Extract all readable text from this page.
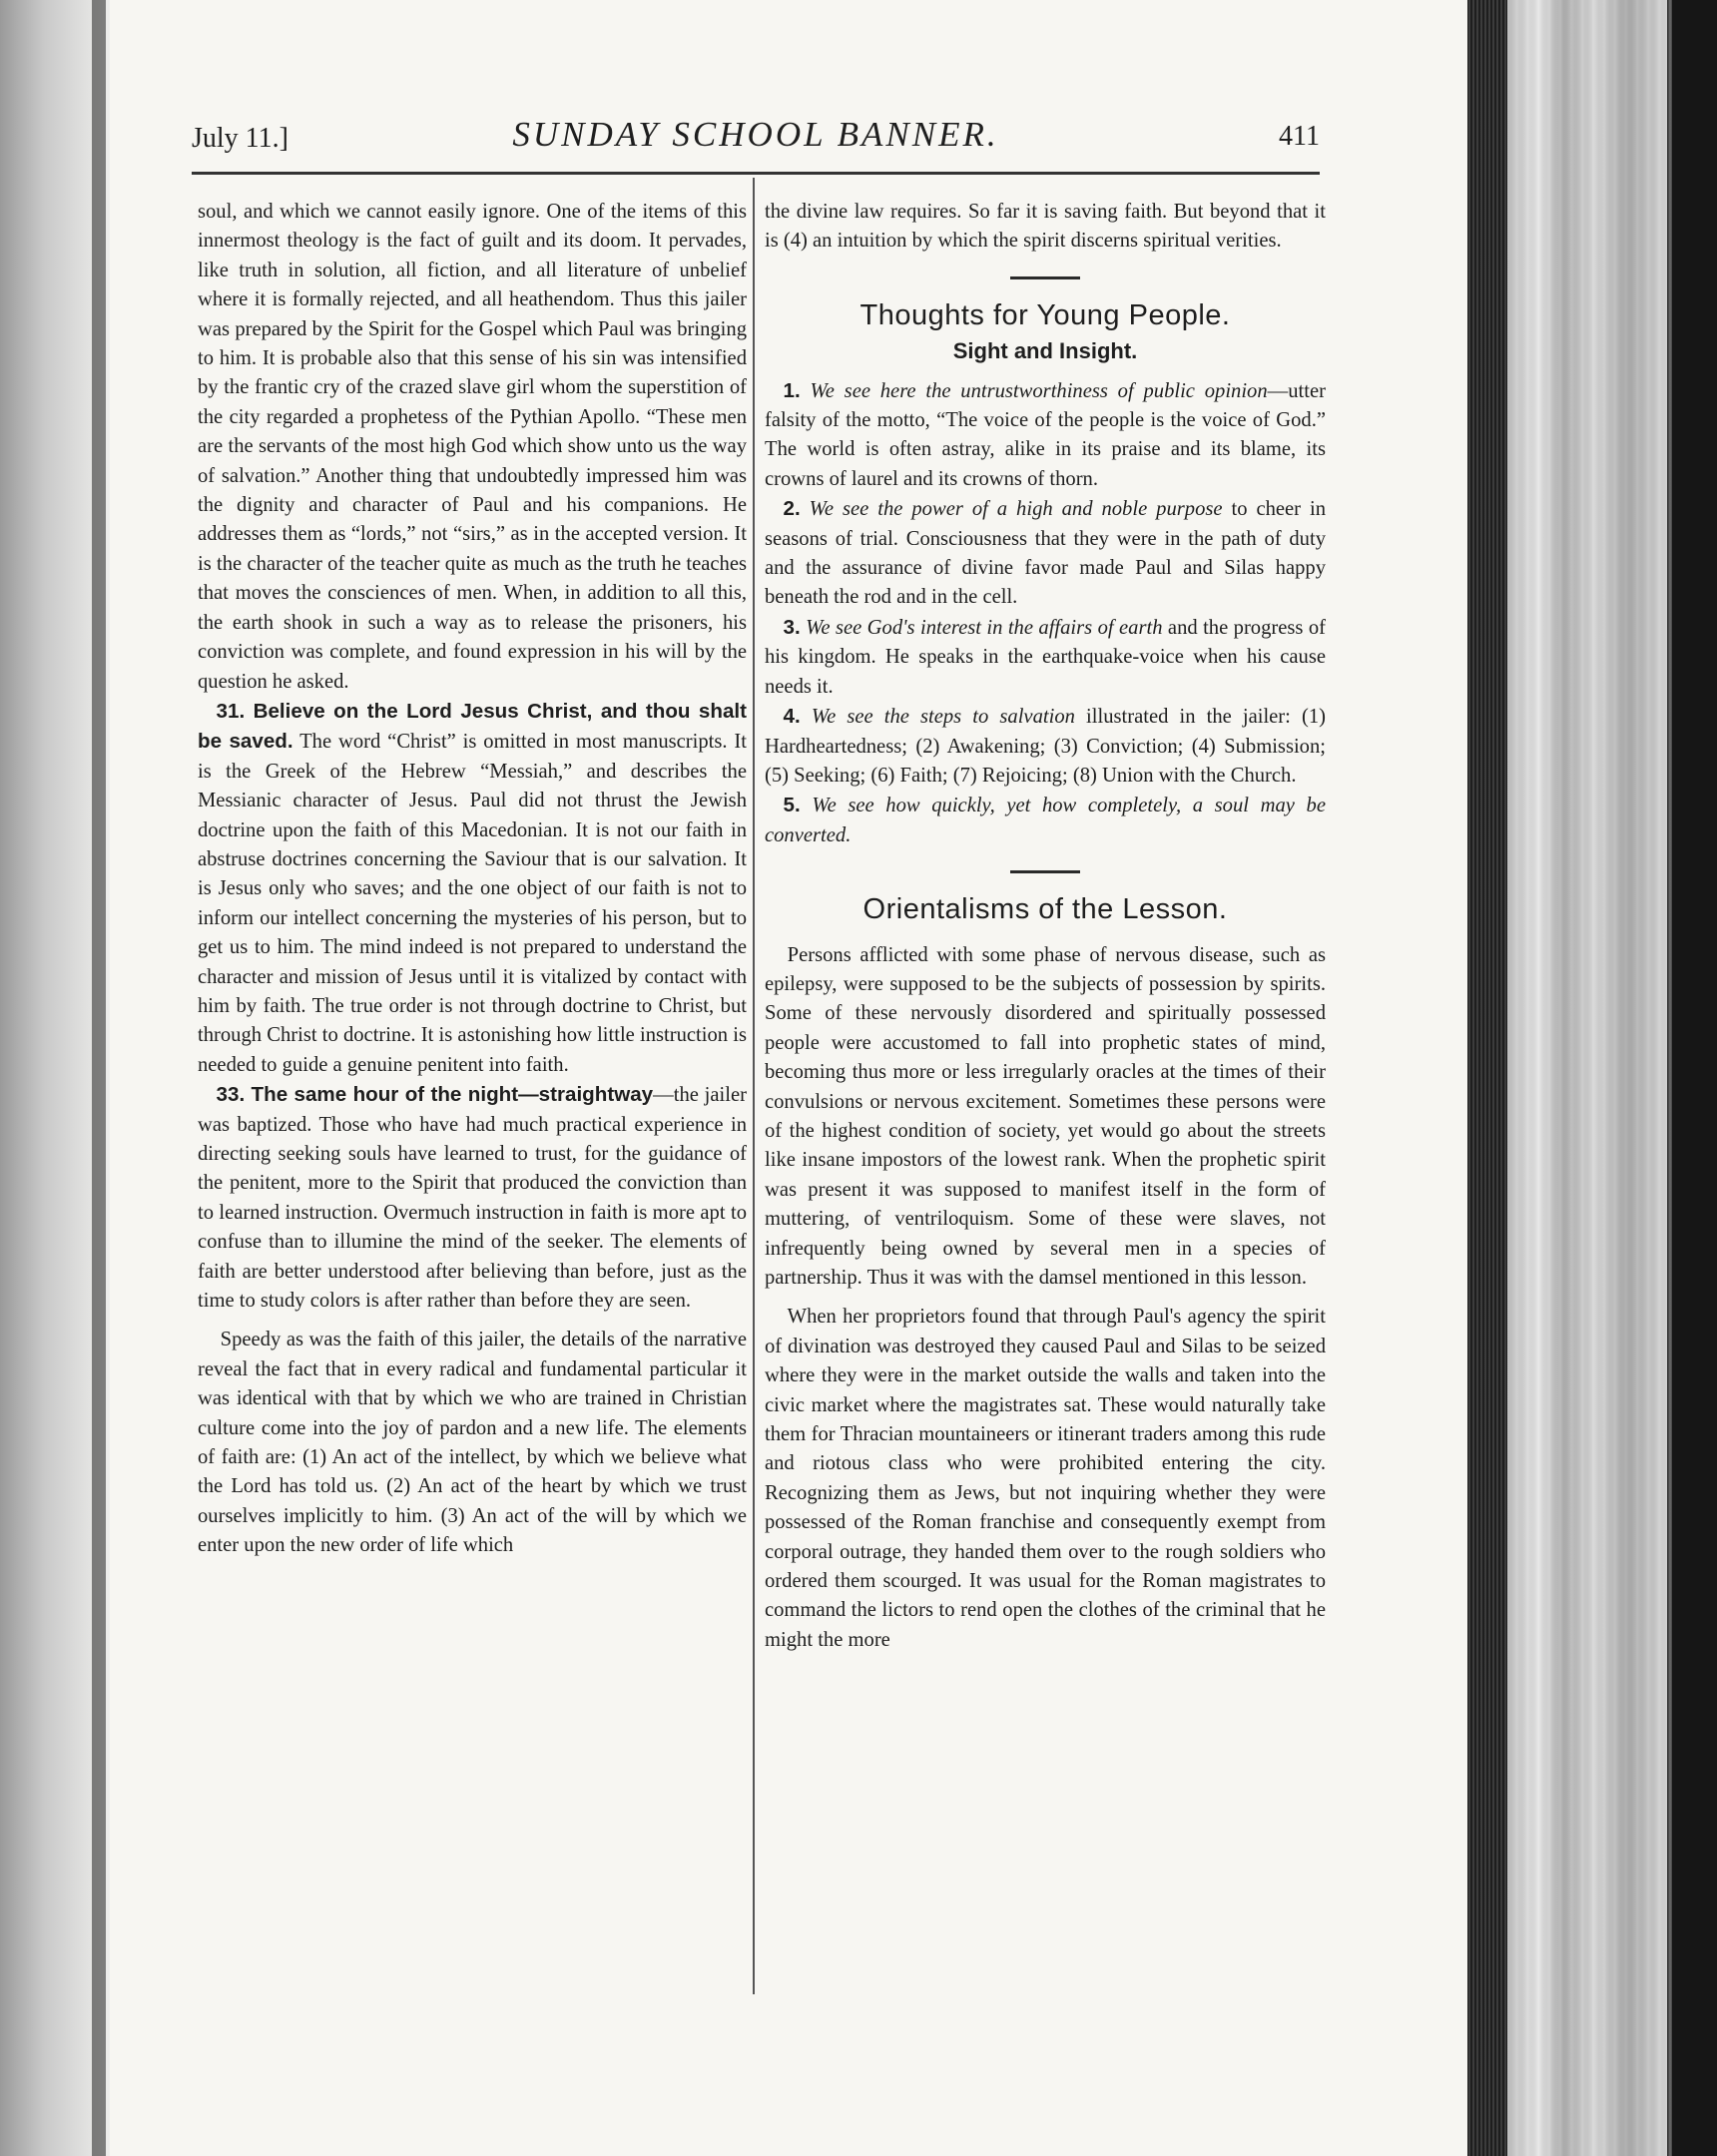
July 11.]	SUNDAY SCHOOL BANNER.	411

soul, and which we cannot easily ignore. One of the items of this innermost theology is the fact of guilt and its doom. It pervades, like truth in solution, all fiction, and all literature of unbelief where it is formally rejected, and all heathendom. Thus this jailer was prepared by the Spirit for the Gospel which Paul was bringing to him. It is probable also that this sense of his sin was intensified by the frantic cry of the crazed slave girl whom the superstition of the city regarded a prophetess of the Pythian Apollo. “These men are the servants of the most high God which show unto us the way of salvation.” Another thing that undoubtedly impressed him was the dignity and character of Paul and his companions. He addresses them as “lords,” not “sirs,” as in the accepted version. It is the character of the teacher quite as much as the truth he teaches that moves the consciences of men. When, in addition to all this, the earth shook in such a way as to release the prisoners, his conviction was complete, and found expression in his will by the question he asked.

31. Believe on the Lord Jesus Christ, and thou shalt be saved. The word “Christ” is omitted in most manuscripts. It is the Greek of the Hebrew “Messiah,” and describes the Messianic character of Jesus. Paul did not thrust the Jewish doctrine upon the faith of this Macedonian. It is not our faith in abstruse doctrines concerning the Saviour that is our salvation. It is Jesus only who saves; and the one object of our faith is not to inform our intellect concerning the mysteries of his person, but to get us to him. The mind indeed is not prepared to understand the character and mission of Jesus until it is vitalized by contact with him by faith. The true order is not through doctrine to Christ, but through Christ to doctrine. It is astonishing how little instruction is needed to guide a genuine penitent into faith.

33. The same hour of the night—straightway—the jailer was baptized. Those who have had much practical experience in directing seeking souls have learned to trust, for the guidance of the penitent, more to the Spirit that produced the conviction than to learned instruction. Overmuch instruction in faith is more apt to confuse than to illumine the mind of the seeker. The elements of faith are better understood after believing than before, just as the time to study colors is after rather than before they are seen.

Speedy as was the faith of this jailer, the details of the narrative reveal the fact that in every radical and fundamental particular it was identical with that by which we who are trained in Christian culture come into the joy of pardon and a new life. The elements of faith are: (1) An act of the intellect, by which we believe what the Lord has told us. (2) An act of the heart by which we trust ourselves implicitly to him. (3) An act of the will by which we enter upon the new order of life which

the divine law requires. So far it is saving faith. But beyond that it is (4) an intuition by which the spirit discerns spiritual verities.

Thoughts for Young People.
Sight and Insight.

1. We see here the untrustworthiness of public opinion—utter falsity of the motto, “The voice of the people is the voice of God.” The world is often astray, alike in its praise and its blame, its crowns of laurel and its crowns of thorn.

2. We see the power of a high and noble purpose to cheer in seasons of trial. Consciousness that they were in the path of duty and the assurance of divine favor made Paul and Silas happy beneath the rod and in the cell.

3. We see God's interest in the affairs of earth and the progress of his kingdom. He speaks in the earthquake-voice when his cause needs it.

4. We see the steps to salvation illustrated in the jailer: (1) Hardheartedness; (2) Awakening; (3) Conviction; (4) Submission; (5) Seeking; (6) Faith; (7) Rejoicing; (8) Union with the Church.

5. We see how quickly, yet how completely, a soul may be converted.

Orientalisms of the Lesson.

Persons afflicted with some phase of nervous disease, such as epilepsy, were supposed to be the subjects of possession by spirits. Some of these nervously disordered and spiritually possessed people were accustomed to fall into prophetic states of mind, becoming thus more or less irregularly oracles at the times of their convulsions or nervous excitement. Sometimes these persons were of the highest condition of society, yet would go about the streets like insane impostors of the lowest rank. When the prophetic spirit was present it was supposed to manifest itself in the form of muttering, of ventriloquism. Some of these were slaves, not infrequently being owned by several men in a species of partnership. Thus it was with the damsel mentioned in this lesson.

When her proprietors found that through Paul's agency the spirit of divination was destroyed they caused Paul and Silas to be seized where they were in the market outside the walls and taken into the civic market where the magistrates sat. These would naturally take them for Thracian mountaineers or itinerant traders among this rude and riotous class who were prohibited entering the city. Recognizing them as Jews, but not inquiring whether they were possessed of the Roman franchise and consequently exempt from corporal outrage, they handed them over to the rough soldiers who ordered them scourged. It was usual for the Roman magistrates to command the lictors to rend open the clothes of the criminal that he might the more
